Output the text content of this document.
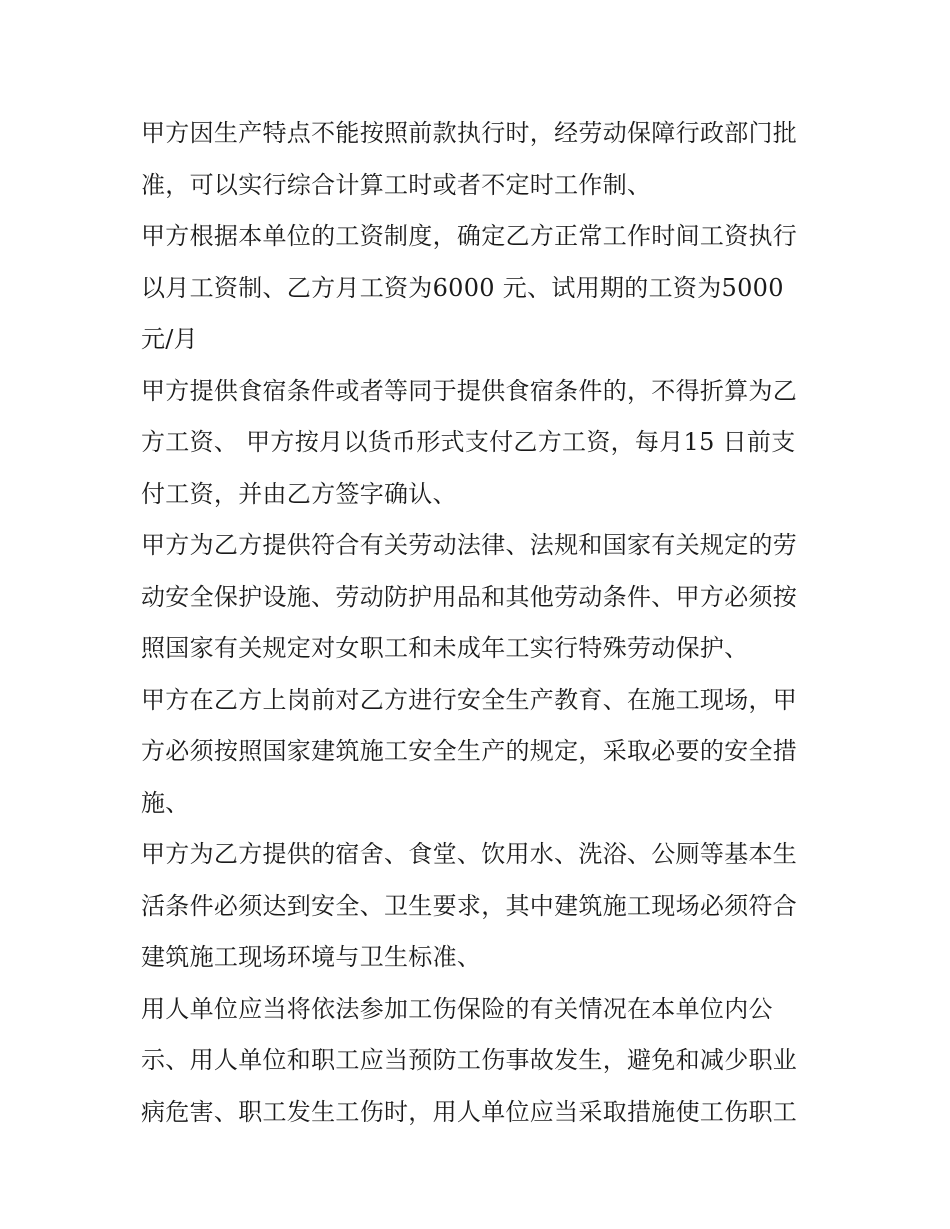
甲方因生产特点不能按照前款执行时，经劳动保障行政部门批
准，可以实行综合计算工时或者不定时工作制、
甲方根据本单位的工资制度，确定乙方正常工作时间工资执行
以月工资制、乙方月工资为6000 元、试用期的工资为5000
元/月
甲方提供食宿条件或者等同于提供食宿条件的，不得折算为乙
方工资、 甲方按月以货币形式支付乙方工资，每月15 日前支
付工资，并由乙方签字确认、
甲方为乙方提供符合有关劳动法律、法规和国家有关规定的劳
动安全保护设施、劳动防护用品和其他劳动条件、甲方必须按
照国家有关规定对女职工和未成年工实行特殊劳动保护、
甲方在乙方上岗前对乙方进行安全生产教育、在施工现场，甲
方必须按照国家建筑施工安全生产的规定，采取必要的安全措
施、
甲方为乙方提供的宿舍、食堂、饮用水、洗浴、公厕等基本生
活条件必须达到安全、卫生要求，其中建筑施工现场必须符合
建筑施工现场环境与卫生标准、
用人单位应当将依法参加工伤保险的有关情况在本单位内公
示、用人单位和职工应当预防工伤事故发生，避免和减少职业
病危害、职工发生工伤时，用人单位应当采取措施使工伤职工
